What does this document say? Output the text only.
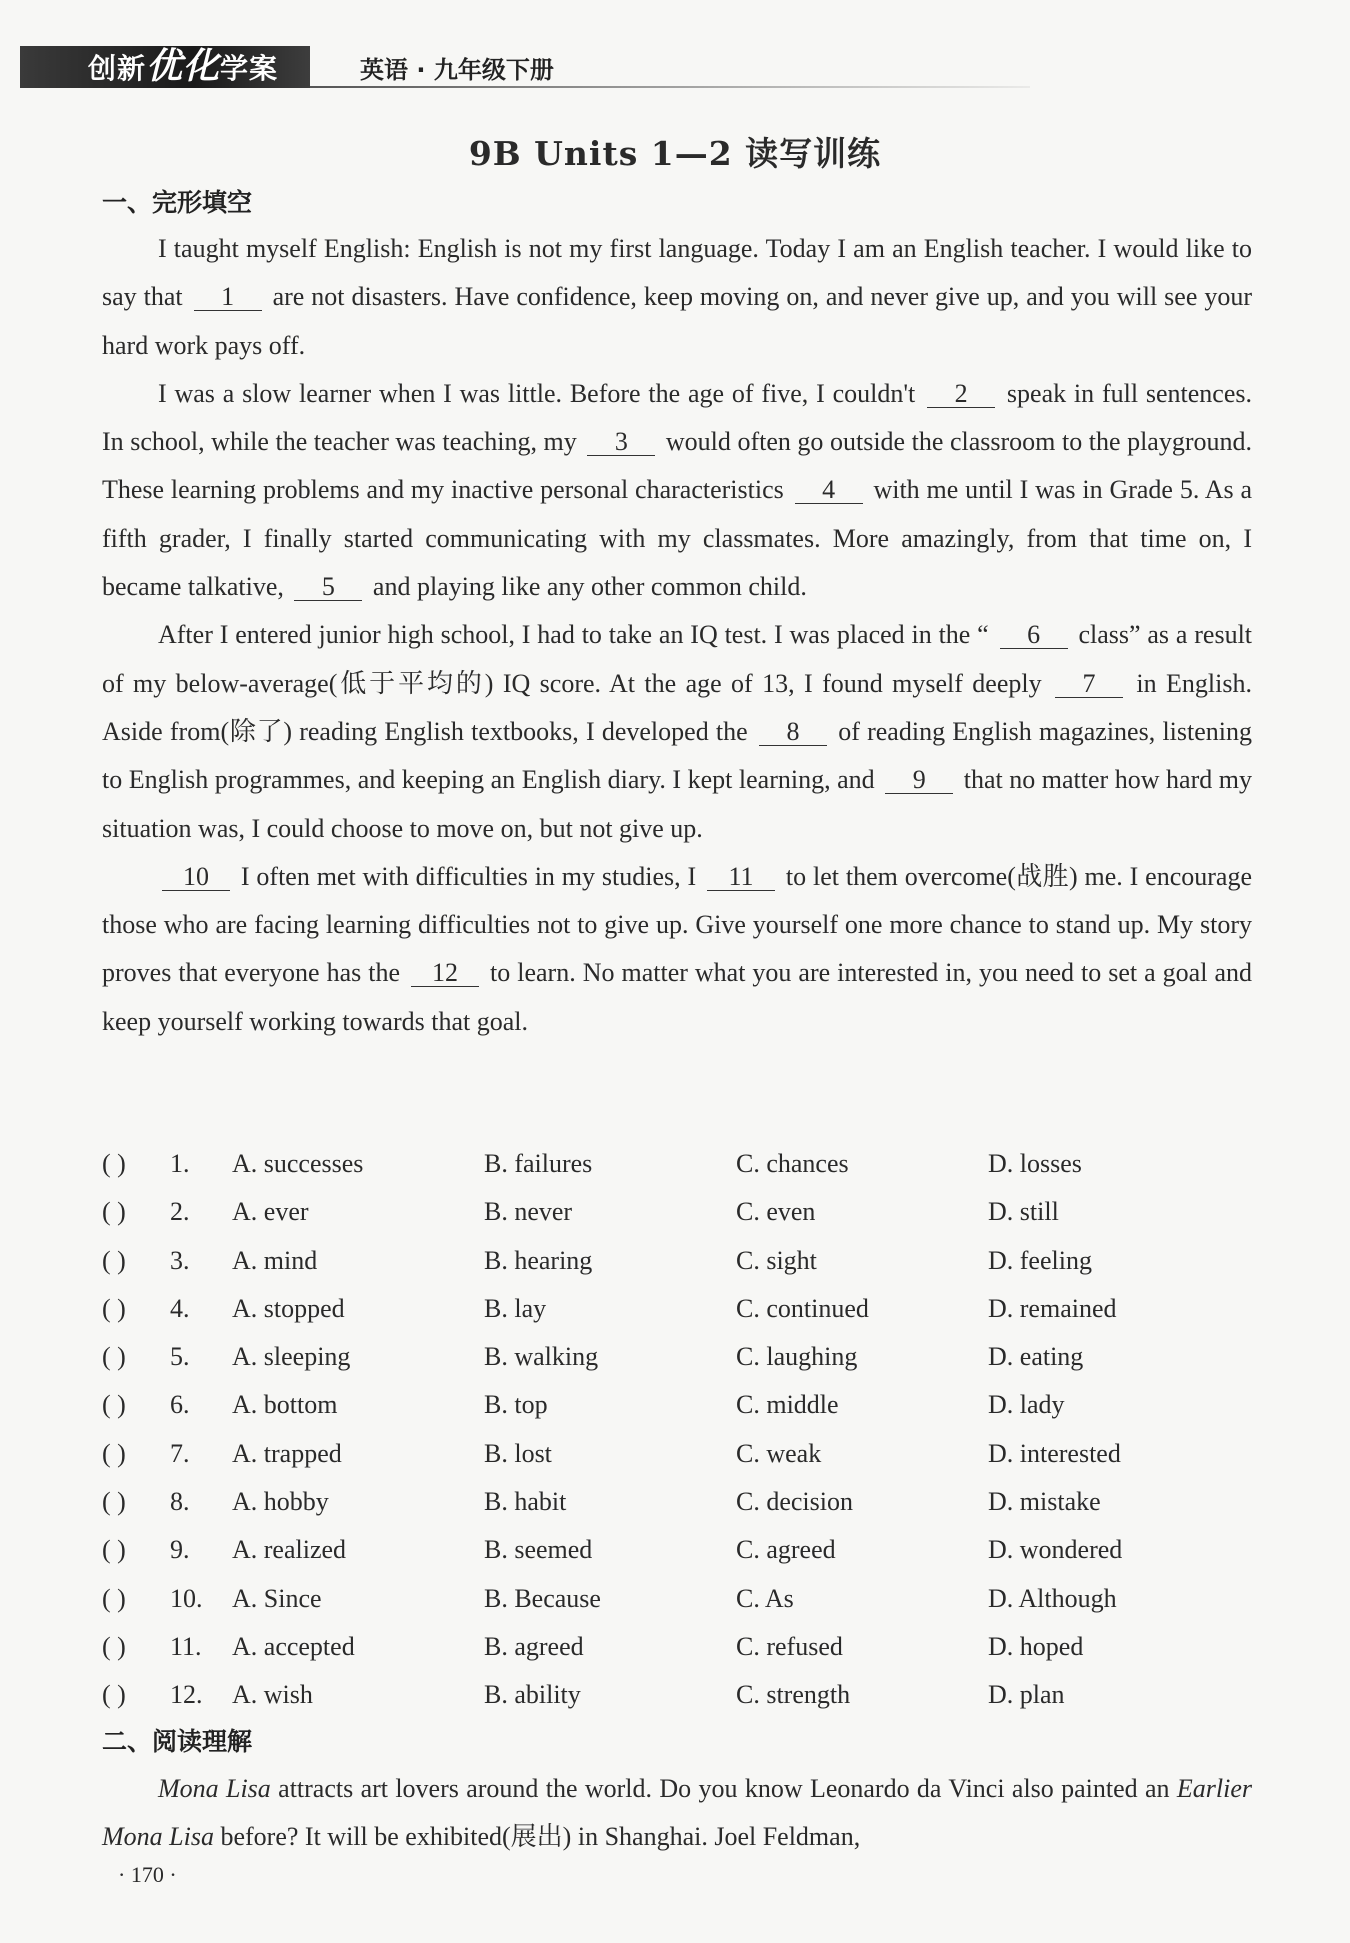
创新优化学案	英语 · 九年级下册
9B Units 1—2 读写训练
一、完形填空

I taught myself English: English is not my first language. Today I am an English teacher. I would like to say that 1 are not disasters. Have confidence, keep moving on, and never give up, and you will see your hard work pays off.

I was a slow learner when I was little. Before the age of five, I couldn't 2 speak in full sentences. In school, while the teacher was teaching, my 3 would often go outside the classroom to the playground. These learning problems and my inactive personal characteristics 4 with me until I was in Grade 5. As a fifth grader, I finally started communicating with my classmates. More amazingly, from that time on, I became talkative, 5 and playing like any other common child.

After I entered junior high school, I had to take an IQ test. I was placed in the “ 6 class” as a result of my below-average(低于平均的) IQ score. At the age of 13, I found myself deeply 7 in English. Aside from(除了) reading English textbooks, I developed the 8 of reading English magazines, listening to English programmes, and keeping an English diary. I kept learning, and 9 that no matter how hard my situation was, I could choose to move on, but not give up.

10 I often met with difficulties in my studies, I 11 to let them overcome(战胜) me. I encourage those who are facing learning difficulties not to give up. Give yourself one more chance to stand up. My story proves that everyone has the 12 to learn. No matter what you are interested in, you need to set a goal and keep yourself working towards that goal.

( ) 1. A. successes	B. failures	C. chances	D. losses
( ) 2. A. ever	B. never	C. even	D. still
( ) 3. A. mind	B. hearing	C. sight	D. feeling
( ) 4. A. stopped	B. lay	C. continued	D. remained
( ) 5. A. sleeping	B. walking	C. laughing	D. eating
( ) 6. A. bottom	B. top	C. middle	D. lady
( ) 7. A. trapped	B. lost	C. weak	D. interested
( ) 8. A. hobby	B. habit	C. decision	D. mistake
( ) 9. A. realized	B. seemed	C. agreed	D. wondered
( ) 10. A. Since	B. Because	C. As	D. Although
( ) 11. A. accepted	B. agreed	C. refused	D. hoped
( ) 12. A. wish	B. ability	C. strength	D. plan
二、阅读理解

Mona Lisa attracts art lovers around the world. Do you know Leonardo da Vinci also painted an Earlier Mona Lisa before? It will be exhibited(展出) in Shanghai. Joel Feldman,

· 170 ·
